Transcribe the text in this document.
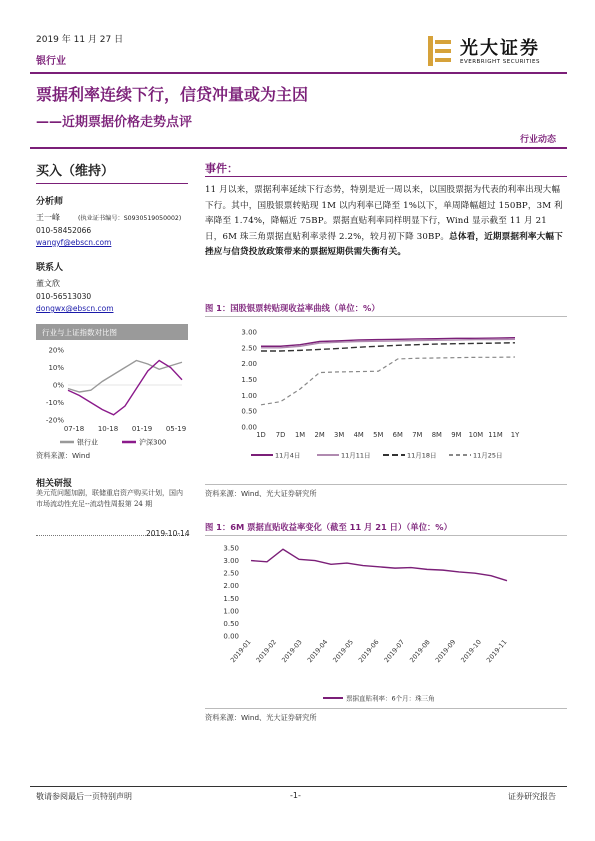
2019 年 11 月 27 日
银行业
光大证券
EVERBRIGHT SECURITIES
票据利率连续下行，信贷冲量或为主因
——近期票据价格走势点评
行业动态
买入（维持）
分析师
王一峰	(执业证书编号：S0930519050002)
010-58452066
wangyf@ebscn.com
联系人
董文欣
010-56513030
dongwx@ebscn.com
行业与上证指数对比图
20%
10%
0%
-10%
-20%
07-18 10-18 01-19 05-19
银行业	沪深300
资料来源：Wind
相关研报
美元荒问题加剧，联储重启资产购买计划，国内市场流动性充足--流动性周报第 24 期
2019-10-14
事件：
11 月以来，票据利率延续下行态势，特别是近一周以来，以国股票据为代表的利率出现大幅下行。其中，国股银票转贴现 1M 以内利率已降至 1%以下，单周降幅超过 150BP，3M 利率降至 1.74%，降幅近 75BP。票据直贴利率同样明显下行，Wind 显示截至 11 月 21 日，6M 珠三角票据直贴利率录得 2.2%，较月初下降 30BP。总体看，近期票据利率大幅下挫应与信贷投放政策带来的票据短期供需失衡有关。
图 1：国股银票转贴现收益率曲线（单位：%）
3.00
2.50
2.00
1.50
1.00
0.50
0.00
1D 7D 1M 2M 3M 4M 5M 6M 7M 8M 9M 10M 11M 1Y
11月4日	11月11日	11月18日	11月25日
资料来源：Wind、光大证券研究所
图 1：6M 票据直贴收益率变化（截至 11 月 21 日）（单位：%）
3.50
3.00
2.50
2.00
1.50
1.00
0.50
0.00
2019-01 2019-02 2019-03 2019-04 2019-05 2019-06 2019-07 2019-08 2019-09 2019-10 2019-11
票据直贴利率：6个月：珠三角
资料来源：Wind、光大证券研究所
敬请参阅最后一页特别声明	-1-	证券研究报告
